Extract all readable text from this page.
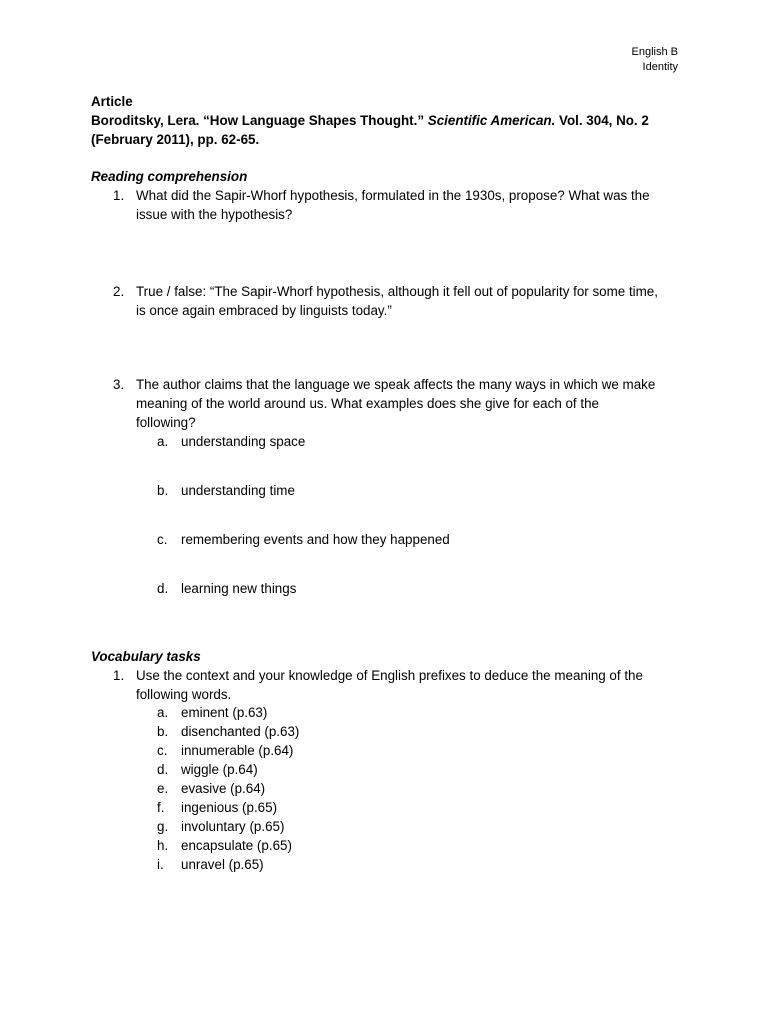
English B
Identity
Article
Boroditsky, Lera. “How Language Shapes Thought.” Scientific American. Vol. 304, No. 2
(February 2011), pp. 62-65.
Reading comprehension
1. What did the Sapir-Whorf hypothesis, formulated in the 1930s, propose? What was the
issue with the hypothesis?
2. True / false: “The Sapir-Whorf hypothesis, although it fell out of popularity for some time,
is once again embraced by linguists today.”
3. The author claims that the language we speak affects the many ways in which we make
meaning of the world around us. What examples does she give for each of the
following?
a. understanding space
b. understanding time
c. remembering events and how they happened
d. learning new things
Vocabulary tasks
1. Use the context and your knowledge of English prefixes to deduce the meaning of the
following words.
a. eminent (p.63)
b. disenchanted (p.63)
c. innumerable (p.64)
d. wiggle (p.64)
e. evasive (p.64)
f. ingenious (p.65)
g. involuntary (p.65)
h. encapsulate (p.65)
i. unravel (p.65)
